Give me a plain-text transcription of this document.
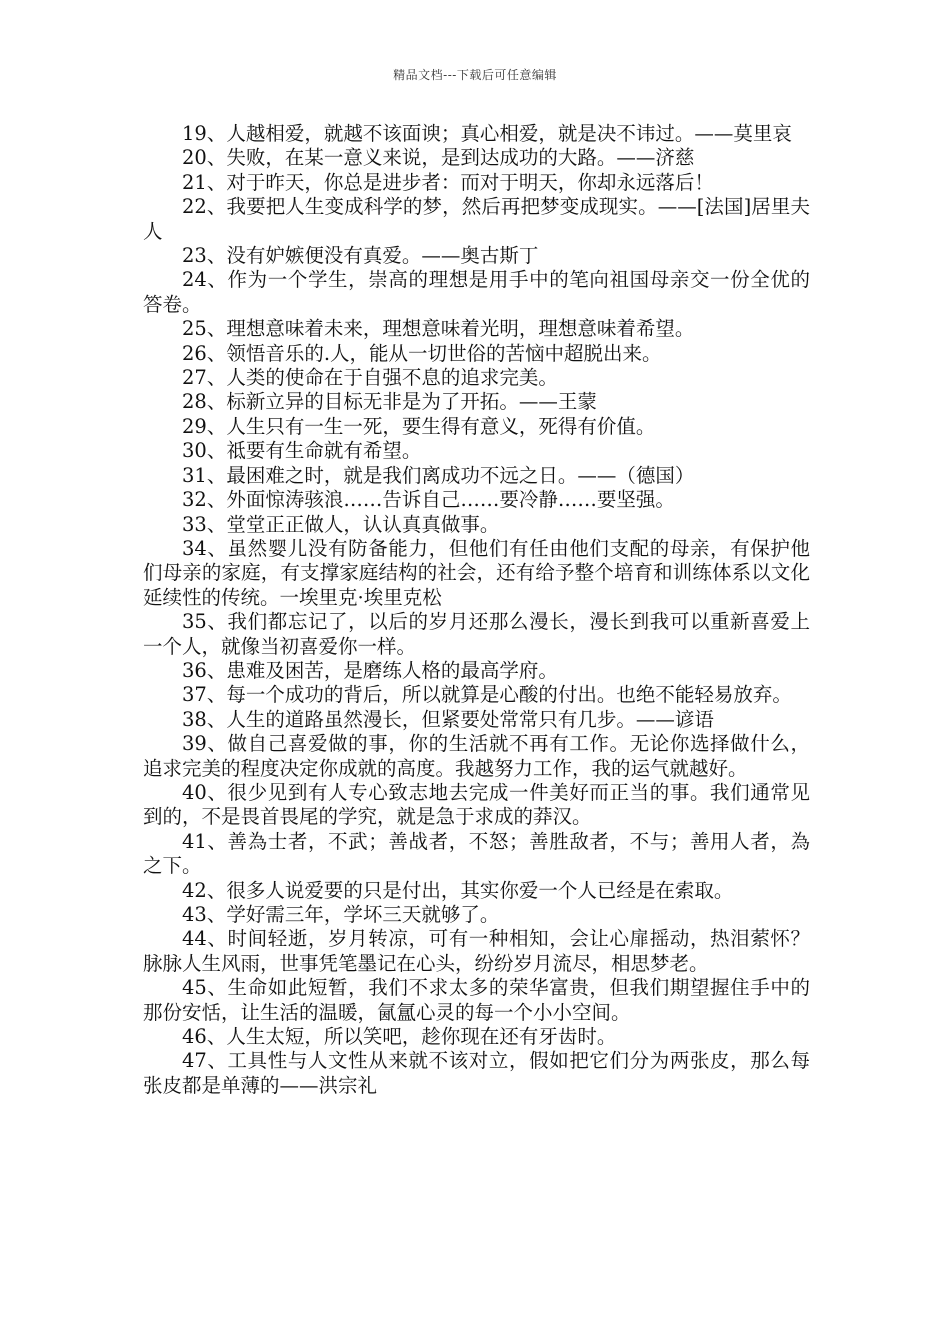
精品文档---下载后可任意编辑

19、人越相爱，就越不该面谀；真心相爱，就是决不讳过。——莫里哀

20、失败，在某一意义来说，是到达成功的大路。——济慈

21、对于昨天，你总是进步者：而对于明天，你却永远落后！

22、我要把人生变成科学的梦，然后再把梦变成现实。——[法国]居里夫人

23、没有妒嫉便没有真爱。——奥古斯丁

24、作为一个学生，崇高的理想是用手中的笔向祖国母亲交一份全优的答卷。

25、理想意味着未来，理想意味着光明，理想意味着希望。

26、领悟音乐的.人，能从一切世俗的苦恼中超脱出来。

27、人类的使命在于自强不息的追求完美。

28、标新立异的目标无非是为了开拓。——王蒙

29、人生只有一生一死，要生得有意义，死得有价值。

30、祗要有生命就有希望。

31、最困难之时，就是我们离成功不远之日。——（德国）

32、外面惊涛骇浪……告诉自己……要冷静……要坚强。

33、堂堂正正做人，认认真真做事。

34、虽然婴儿没有防备能力，但他们有任由他们支配的母亲，有保护他们母亲的家庭，有支撑家庭结构的社会，还有给予整个培育和训练体系以文化延续性的传统。一埃里克·埃里克松

35、我们都忘记了，以后的岁月还那么漫长，漫长到我可以重新喜爱上一个人，就像当初喜爱你一样。

36、患难及困苦，是磨练人格的最高学府。

37、每一个成功的背后，所以就算是心酸的付出。也绝不能轻易放弃。

38、人生的道路虽然漫长，但紧要处常常只有几步。——谚语

39、做自己喜爱做的事，你的生活就不再有工作。无论你选择做什么，追求完美的程度决定你成就的高度。我越努力工作，我的运气就越好。

40、很少见到有人专心致志地去完成一件美好而正当的事。我们通常见到的，不是畏首畏尾的学究，就是急于求成的莽汉。

41、善為士者，不武；善战者，不怒；善胜敌者，不与；善用人者，為之下。

42、很多人说爱要的只是付出，其实你爱一个人已经是在索取。

43、学好需三年，学坏三天就够了。

44、时间轻逝，岁月转凉，可有一种相知，会让心扉摇动，热泪萦怀？脉脉人生风雨，世事凭笔墨记在心头，纷纷岁月流尽，相思梦老。

45、生命如此短暂，我们不求太多的荣华富贵，但我们期望握住手中的那份安恬，让生活的温暖，氤氲心灵的每一个小小空间。

46、人生太短，所以笑吧，趁你现在还有牙齿时。

47、工具性与人文性从来就不该对立，假如把它们分为两张皮，那么每张皮都是单薄的——洪宗礼
